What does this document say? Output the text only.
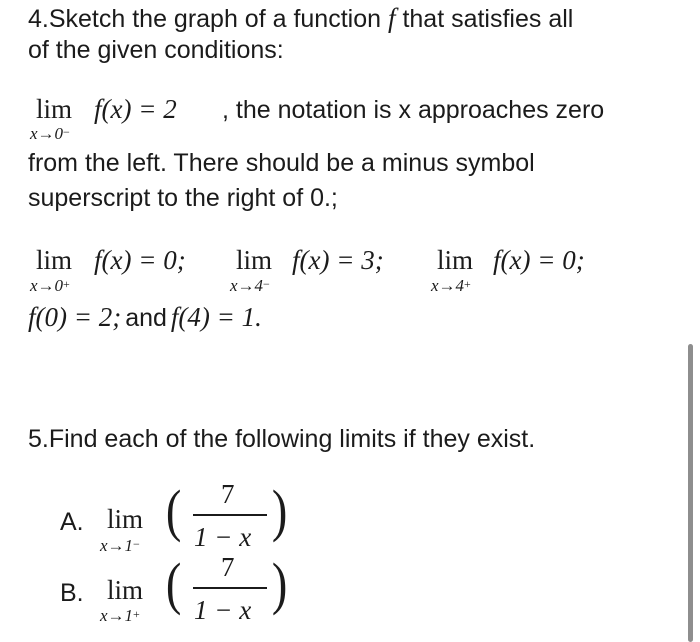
4.Sketch the graph of a function f that satisfies all
of the given conditions:
lim f(x) = 2 , the notation is x approaches zero
x→0−
from the left. There should be a minus symbol
superscript to the right of 0.;
lim f(x) = 0;
x→0+
lim f(x) = 3;
x→4−
lim f(x) = 0;
x→4+
f(0) = 2; and f(4) = 1.
5.Find each of the following limits if they exist.
A. lim
x→1−
( 7
1 − x )
B. lim
x→1+ ( 7
1 − x )
